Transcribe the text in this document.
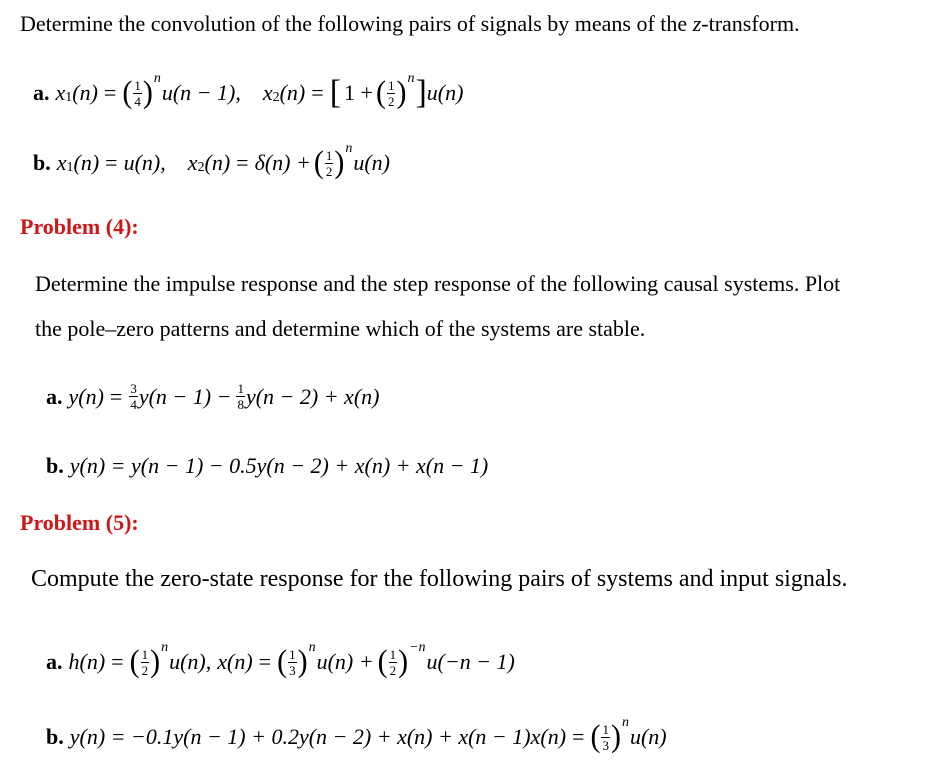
Determine the convolution of the following pairs of signals by means of the z-transform.
a. x 1 (n) = ( $\frac{1}{4}$ ) n
u(n − 1), x 2 (n) = [ 1 + ( $\frac{1}{2}$ ) n ] u(n)
b. x 1 (n) = u(n), x 2 (n) = δ(n) + ( $\frac{1}{2}$ ) n
u(n)
Problem (4):
Determine the impulse response and the step response of the following causal systems. Plot
the pole–zero patterns and determine which of the systems are stable.
a. $y(n) = \frac{3}{4} y(n - 1) - \frac{1}{8} y(n - 2) + x(n)$
b. y(n) = y(n − 1) − 0.5y(n − 2) + x(n) + x(n − 1)
Problem (5):
Compute the zero-state response for the following pairs of systems and input signals.
a. h(n) = ( $\frac{1}{2}$ ) n
u(n), x(n) = ( $\frac{1}{3}$ ) n
u(n) + ( $\frac{1}{2}$ ) −n
u(−n − 1)
b. y(n) = −0.1y(n − 1) + 0.2y(n − 2) + x(n) + x(n − 1)x(n) = ( $\frac{1}{3}$ ) n
u(n)
